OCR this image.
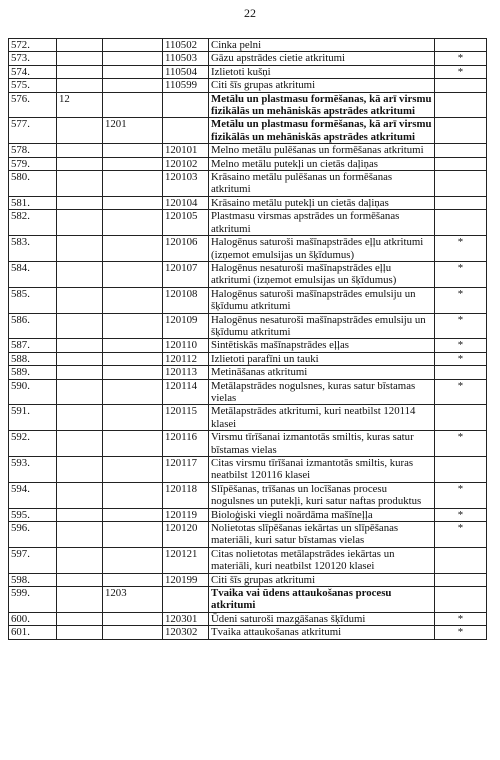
22
572.			110502	Cinka pelni	
573.			110503	Gāzu apstrādes cietie atkritumi	*
574.			110504	Izlietoti kušņi	*
575.			110599	Citi šīs grupas atkritumi	
576.	12			Metālu un plastmasu formēšanas, kā arī virsmu fizikālās un mehāniskās apstrādes atkritumi	
577.		1201		Metālu un plastmasu formēšanas, kā arī virsmu fizikālās un mehāniskās apstrādes atkritumi	
578.			120101	Melno metālu pulēšanas un formēšanas atkritumi	
579.			120102	Melno metālu putekļi un cietās daļiņas	
580.			120103	Krāsaino metālu pulēšanas un formēšanas atkritumi	
581.			120104	Krāsaino metālu putekļi un cietās daļiņas	
582.			120105	Plastmasu virsmas apstrādes un formēšanas atkritumi	
583.			120106	Halogēnus saturoši mašīnapstrādes eļļu atkritumi (izņemot emulsijas un šķīdumus)	*
584.			120107	Halogēnus nesaturoši mašīnapstrādes eļļu atkritumi (izņemot emulsijas un šķīdumus)	*
585.			120108	Halogēnus saturoši mašīnapstrādes emulsiju un šķīdumu atkritumi	*
586.			120109	Halogēnus nesaturoši mašīnapstrādes emulsiju un šķīdumu atkritumi	*
587.			120110	Sintētiskās mašīnapstrādes eļļas	*
588.			120112	Izlietoti parafīni un tauki	*
589.			120113	Metināšanas atkritumi	
590.			120114	Metālapstrādes nogulsnes, kuras satur bīstamas vielas	*
591.			120115	Metālapstrādes atkritumi, kuri neatbilst 120114 klasei	
592.			120116	Virsmu tīrīšanai izmantotās smiltis, kuras satur bīstamas vielas	*
593.			120117	Citas virsmu tīrīšanai izmantotās smiltis, kuras neatbilst 120116 klasei	
594.			120118	Slīpēšanas, trīšanas un locīšanas procesu nogulsnes un putekļi, kuri satur naftas produktus	*
595.			120119	Bioloģiski viegli noārdāma mašīneļļa	*
596.			120120	Nolietotas slīpēšanas iekārtas un slīpēšanas materiāli, kuri satur bīstamas vielas	*
597.			120121	Citas nolietotas metālapstrādes iekārtas un materiāli, kuri neatbilst 120120 klasei	
598.			120199	Citi šīs grupas atkritumi	
599.		1203		Tvaika vai ūdens attaukošanas procesu atkritumi	
600.			120301	Ūdeni saturoši mazgāšanas šķīdumi	*
601.			120302	Tvaika attaukošanas atkritumi	*
